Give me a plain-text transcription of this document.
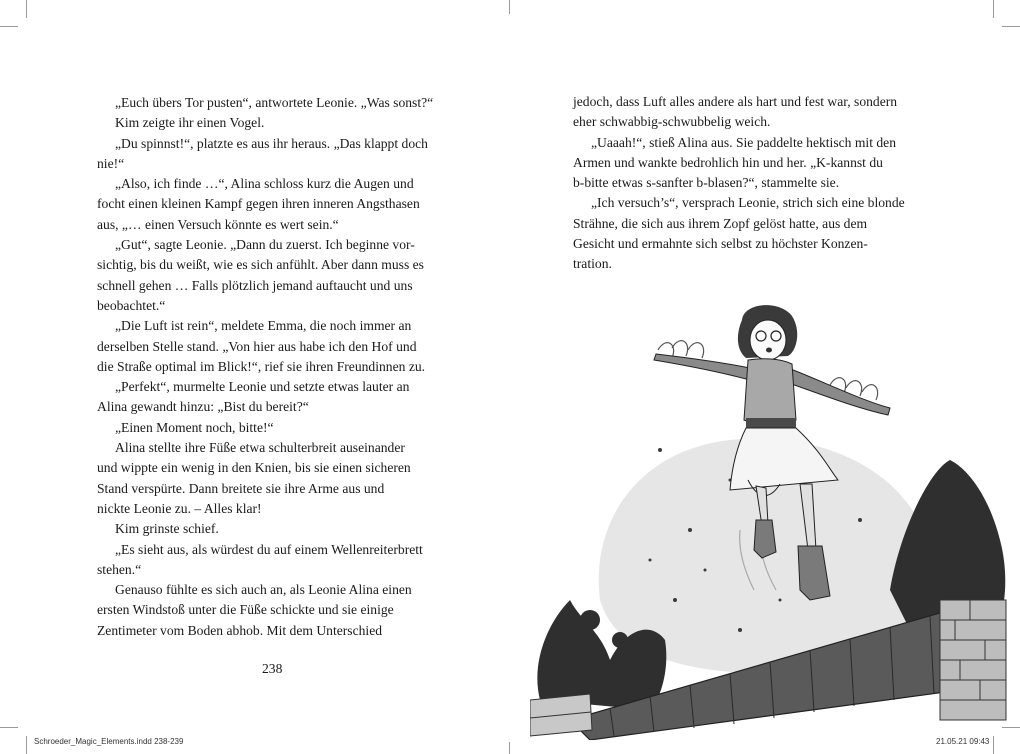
„Euch übers Tor pusten“, antwortete Leonie. „Was sonst?“
Kim zeigte ihr einen Vogel.
„Du spinnst!“, platzte es aus ihr heraus. „Das klappt doch
nie!“
„Also, ich finde …“, Alina schloss kurz die Augen und
focht einen kleinen Kampf gegen ihren inneren Angsthasen
aus, „… einen Versuch könnte es wert sein.“
„Gut“, sagte Leonie. „Dann du zuerst. Ich beginne vor-
sichtig, bis du weißt, wie es sich anfühlt. Aber dann muss es
schnell gehen … Falls plötzlich jemand auftaucht und uns
beobachtet.“
„Die Luft ist rein“, meldete Emma, die noch immer an
derselben Stelle stand. „Von hier aus habe ich den Hof und
die Straße optimal im Blick!“, rief sie ihren Freundinnen zu.
„Perfekt“, murmelte Leonie und setzte etwas lauter an
Alina gewandt hinzu: „Bist du bereit?“
„Einen Moment noch, bitte!“
Alina stellte ihre Füße etwa schulterbreit auseinander
und wippte ein wenig in den Knien, bis sie einen sicheren
Stand verspürte. Dann breitete sie ihre Arme aus und
nickte Leonie zu. – Alles klar!
Kim grinste schief.
„Es sieht aus, als würdest du auf einem Wellenreiterbrett
stehen.“
Genauso fühlte es sich auch an, als Leonie Alina einen
ersten Windstoß unter die Füße schickte und sie einige
Zentimeter vom Boden abhob. Mit dem Unterschied
238
jedoch, dass Luft alles andere als hart und fest war, sondern
eher schwabbig-schwubbelig weich.
„Uaaah!“, stieß Alina aus. Sie paddelte hektisch mit den
Armen und wankte bedrohlich hin und her. „K-kannst du
b-bitte etwas s-sanfter b-blasen?“, stammelte sie.
„Ich versuch’s“, versprach Leonie, strich sich eine blonde
Strähne, die sich aus ihrem Zopf gelöst hatte, aus dem
Gesicht und ermahnte sich selbst zu höchster Konzen-
tration.
Schroeder_Magic_Elements.indd 238-239	21.05.21 09:43
